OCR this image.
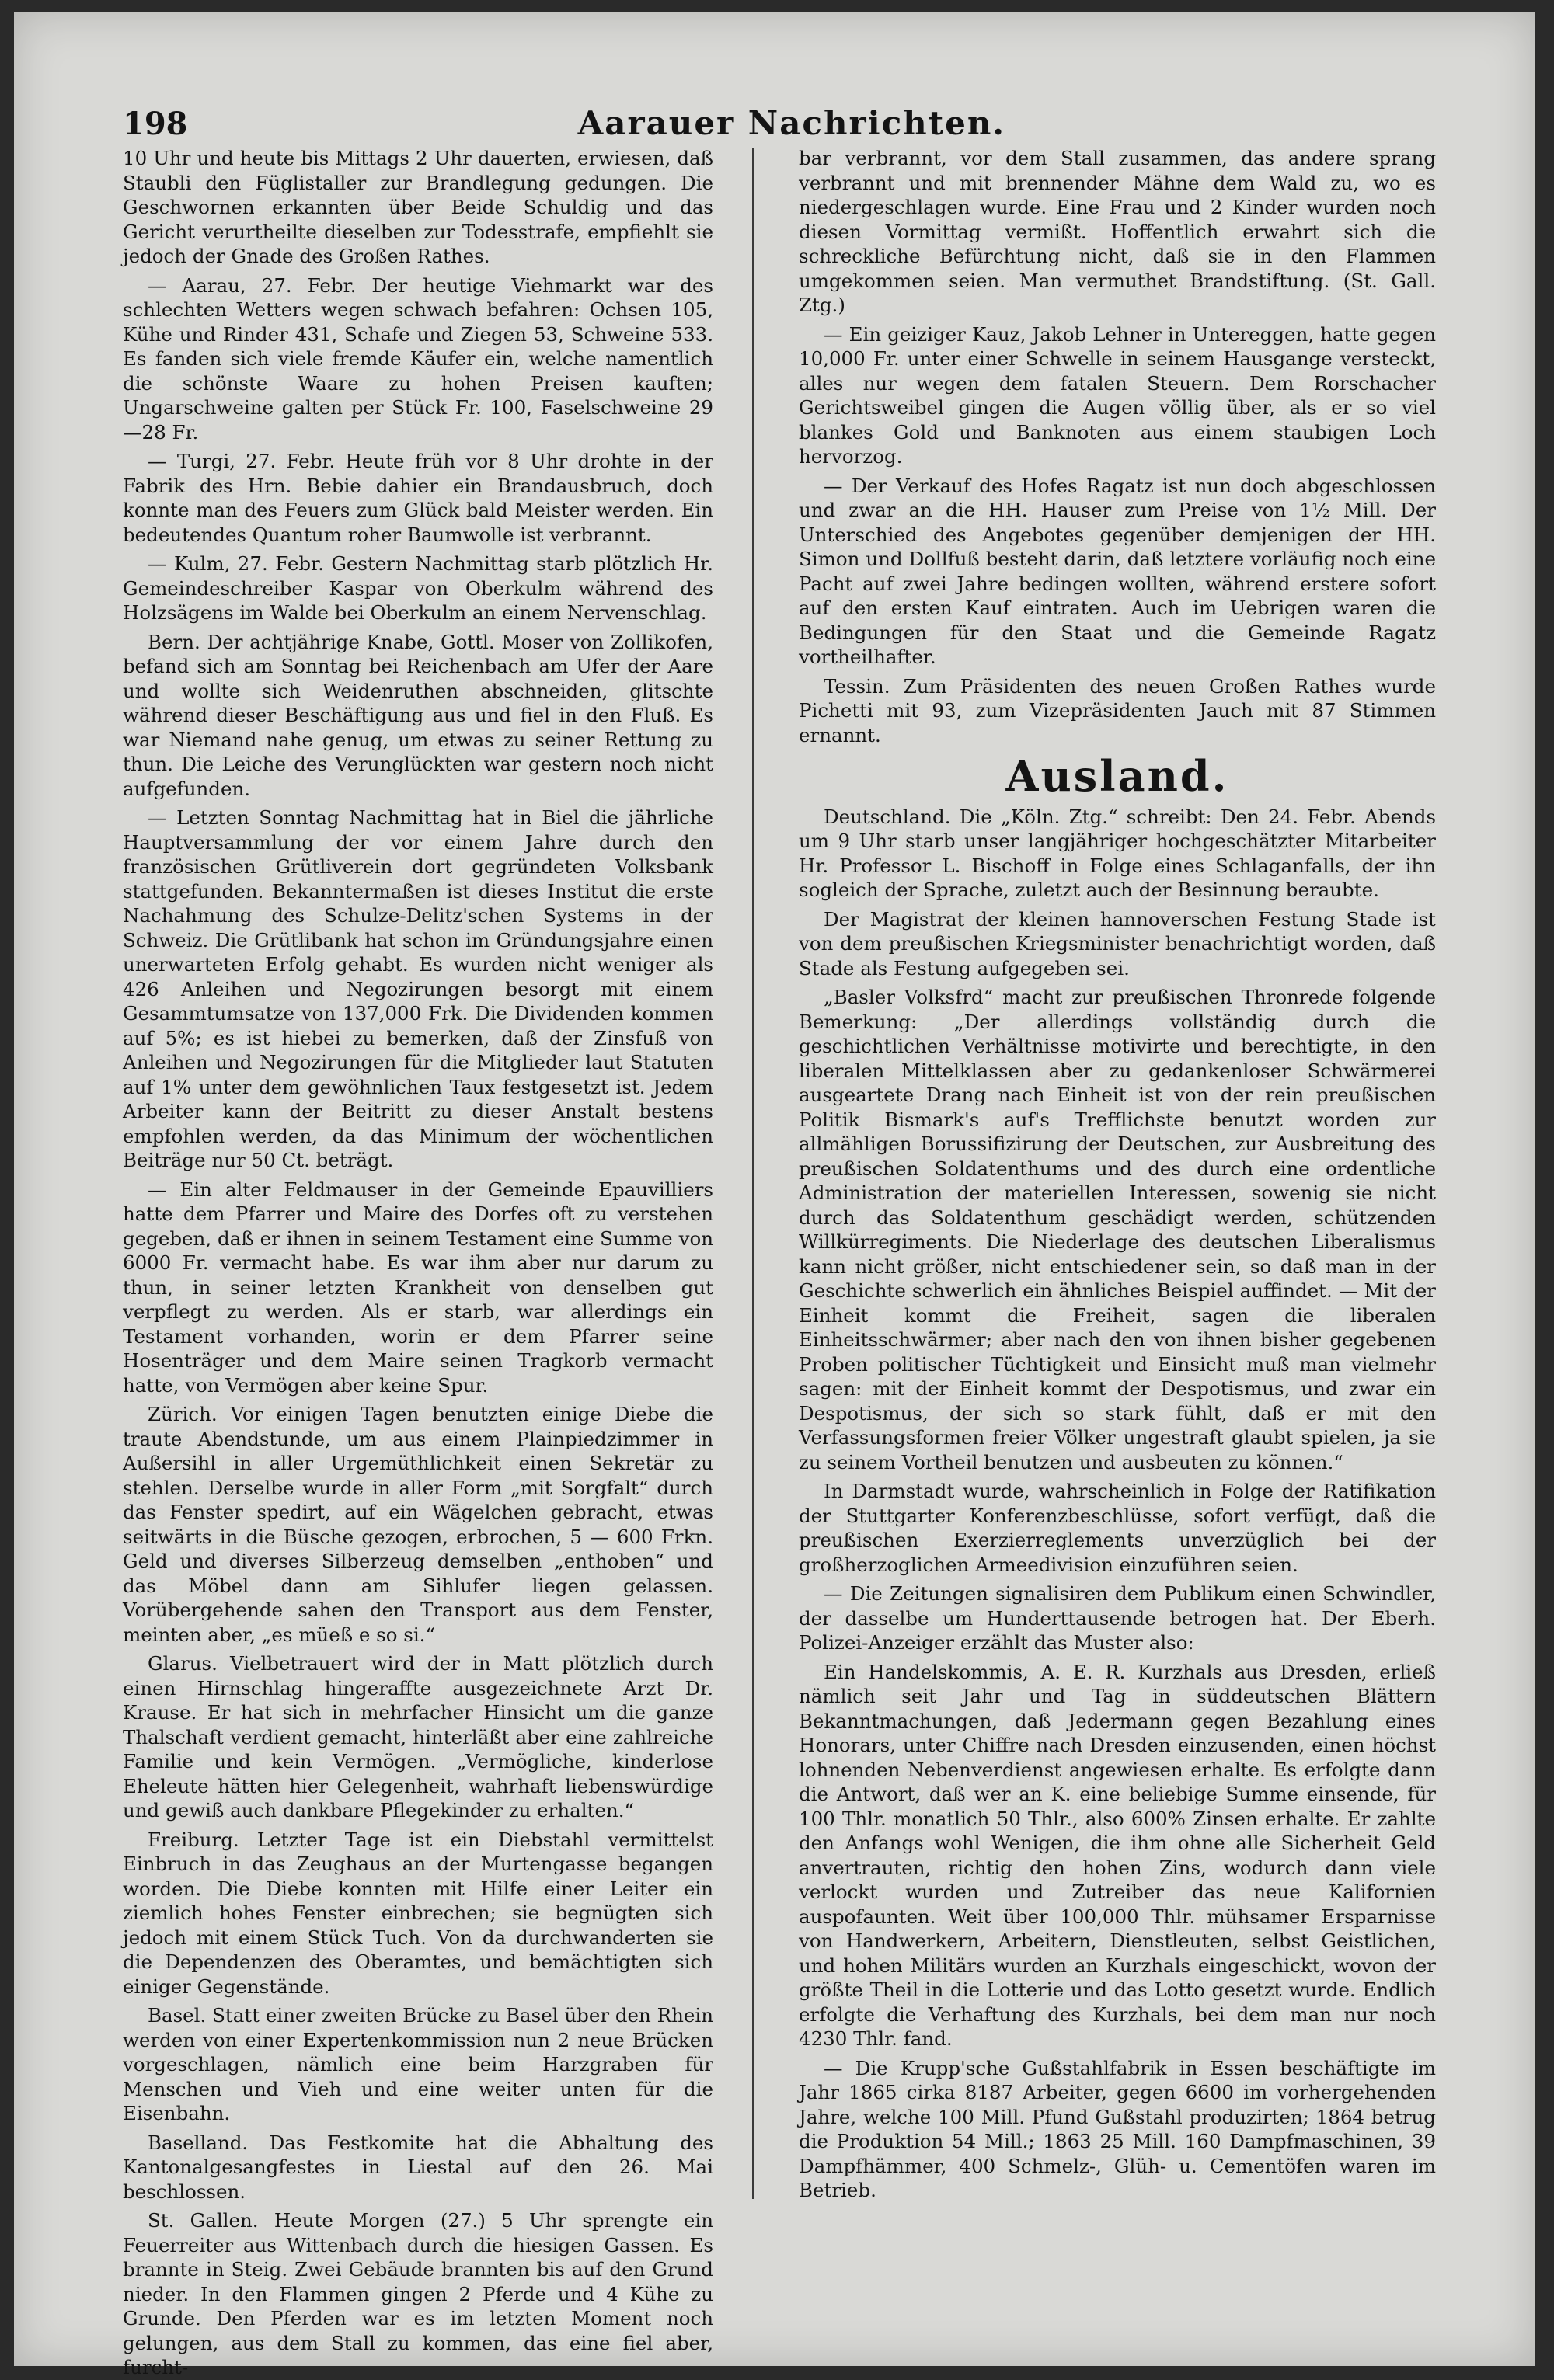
198	Aarauer Nachrichten.

10 Uhr und heute bis Mittags 2 Uhr dauerten, erwiesen, daß Staubli den Füglistaller zur Brandlegung gedungen. Die Geschwornen erkannten über Beide Schuldig und das Gericht verurtheilte dieselben zur Todesstrafe, empfiehlt sie jedoch der Gnade des Großen Rathes.

— Aarau, 27. Febr. Der heutige Viehmarkt war des schlechten Wetters wegen schwach befahren: Ochsen 105, Kühe und Rinder 431, Schafe und Ziegen 53, Schweine 533. Es fanden sich viele fremde Käufer ein, welche namentlich die schönste Waare zu hohen Preisen kauften; Ungarschweine galten per Stück Fr. 100, Faselschweine 29—28 Fr.

— Turgi, 27. Febr. Heute früh vor 8 Uhr drohte in der Fabrik des Hrn. Bebie dahier ein Brandausbruch, doch konnte man des Feuers zum Glück bald Meister werden. Ein bedeutendes Quantum roher Baumwolle ist verbrannt.

— Kulm, 27. Febr. Gestern Nachmittag starb plötzlich Hr. Gemeindeschreiber Kaspar von Oberkulm während des Holzsägens im Walde bei Oberkulm an einem Nervenschlag.

Bern. Der achtjährige Knabe, Gottl. Moser von Zollikofen, befand sich am Sonntag bei Reichenbach am Ufer der Aare und wollte sich Weidenruthen abschneiden, glitschte während dieser Beschäftigung aus und fiel in den Fluß. Es war Niemand nahe genug, um etwas zu seiner Rettung zu thun. Die Leiche des Verunglückten war gestern noch nicht aufgefunden.

— Letzten Sonntag Nachmittag hat in Biel die jährliche Hauptversammlung der vor einem Jahre durch den französischen Grütliverein dort gegründeten Volksbank stattgefunden. Bekanntermaßen ist dieses Institut die erste Nachahmung des Schulze-Delitz'schen Systems in der Schweiz. Die Grütlibank hat schon im Gründungsjahre einen unerwarteten Erfolg gehabt. Es wurden nicht weniger als 426 Anleihen und Negozirungen besorgt mit einem Gesammtumsatze von 137,000 Frk. Die Dividenden kommen auf 5%; es ist hiebei zu bemerken, daß der Zinsfuß von Anleihen und Negozirungen für die Mitglieder laut Statuten auf 1% unter dem gewöhnlichen Taux festgesetzt ist. Jedem Arbeiter kann der Beitritt zu dieser Anstalt bestens empfohlen werden, da das Minimum der wöchentlichen Beiträge nur 50 Ct. beträgt.

— Ein alter Feldmauser in der Gemeinde Epauvilliers hatte dem Pfarrer und Maire des Dorfes oft zu verstehen gegeben, daß er ihnen in seinem Testament eine Summe von 6000 Fr. vermacht habe. Es war ihm aber nur darum zu thun, in seiner letzten Krankheit von denselben gut verpflegt zu werden. Als er starb, war allerdings ein Testament vorhanden, worin er dem Pfarrer seine Hosenträger und dem Maire seinen Tragkorb vermacht hatte, von Vermögen aber keine Spur.

Zürich. Vor einigen Tagen benutzten einige Diebe die traute Abendstunde, um aus einem Plainpiedzimmer in Außersihl in aller Urgemüthlichkeit einen Sekretär zu stehlen. Derselbe wurde in aller Form „mit Sorgfalt“ durch das Fenster spedirt, auf ein Wägelchen gebracht, etwas seitwärts in die Büsche gezogen, erbrochen, 5 — 600 Frkn. Geld und diverses Silberzeug demselben „enthoben“ und das Möbel dann am Sihlufer liegen gelassen. Vorübergehende sahen den Transport aus dem Fenster, meinten aber, „es müeß e so si.“

Glarus. Vielbetrauert wird der in Matt plötzlich durch einen Hirnschlag hingeraffte ausgezeichnete Arzt Dr. Krause. Er hat sich in mehrfacher Hinsicht um die ganze Thalschaft verdient gemacht, hinterläßt aber eine zahlreiche Familie und kein Vermögen. „Vermögliche, kinderlose Eheleute hätten hier Gelegenheit, wahrhaft liebenswürdige und gewiß auch dankbare Pflegekinder zu erhalten.“

Freiburg. Letzter Tage ist ein Diebstahl vermittelst Einbruch in das Zeughaus an der Murtengasse begangen worden. Die Diebe konnten mit Hilfe einer Leiter ein ziemlich hohes Fenster einbrechen; sie begnügten sich jedoch mit einem Stück Tuch. Von da durchwanderten sie die Dependenzen des Oberamtes, und bemächtigten sich einiger Gegenstände.

Basel. Statt einer zweiten Brücke zu Basel über den Rhein werden von einer Expertenkommission nun 2 neue Brücken vorgeschlagen, nämlich eine beim Harzgraben für Menschen und Vieh und eine weiter unten für die Eisenbahn.

Baselland. Das Festkomite hat die Abhaltung des Kantonalgesangfestes in Liestal auf den 26. Mai beschlossen.

St. Gallen. Heute Morgen (27.) 5 Uhr sprengte ein Feuerreiter aus Wittenbach durch die hiesigen Gassen. Es brannte in Steig. Zwei Gebäude brannten bis auf den Grund nieder. In den Flammen gingen 2 Pferde und 4 Kühe zu Grunde. Den Pferden war es im letzten Moment noch gelungen, aus dem Stall zu kommen, das eine fiel aber, furcht-

bar verbrannt, vor dem Stall zusammen, das andere sprang verbrannt und mit brennender Mähne dem Wald zu, wo es niedergeschlagen wurde. Eine Frau und 2 Kinder wurden noch diesen Vormittag vermißt. Hoffentlich erwahrt sich die schreckliche Befürchtung nicht, daß sie in den Flammen umgekommen seien. Man vermuthet Brandstiftung. (St. Gall. Ztg.)

— Ein geiziger Kauz, Jakob Lehner in Untereggen, hatte gegen 10,000 Fr. unter einer Schwelle in seinem Hausgange versteckt, alles nur wegen dem fatalen Steuern. Dem Rorschacher Gerichtsweibel gingen die Augen völlig über, als er so viel blankes Gold und Banknoten aus einem staubigen Loch hervorzog.

— Der Verkauf des Hofes Ragatz ist nun doch abgeschlossen und zwar an die HH. Hauser zum Preise von 1½ Mill. Der Unterschied des Angebotes gegenüber demjenigen der HH. Simon und Dollfuß besteht darin, daß letztere vorläufig noch eine Pacht auf zwei Jahre bedingen wollten, während erstere sofort auf den ersten Kauf eintraten. Auch im Uebrigen waren die Bedingungen für den Staat und die Gemeinde Ragatz vortheilhafter.

Tessin. Zum Präsidenten des neuen Großen Rathes wurde Pichetti mit 93, zum Vizepräsidenten Jauch mit 87 Stimmen ernannt.

Ausland.

Deutschland. Die „Köln. Ztg.“ schreibt: Den 24. Febr. Abends um 9 Uhr starb unser langjähriger hochgeschätzter Mitarbeiter Hr. Professor L. Bischoff in Folge eines Schlaganfalls, der ihn sogleich der Sprache, zuletzt auch der Besinnung beraubte.

Der Magistrat der kleinen hannoverschen Festung Stade ist von dem preußischen Kriegsminister benachrichtigt worden, daß Stade als Festung aufgegeben sei.

„Basler Volksfrd“ macht zur preußischen Thronrede folgende Bemerkung: „Der allerdings vollständig durch die geschichtlichen Verhältnisse motivirte und berechtigte, in den liberalen Mittelklassen aber zu gedankenloser Schwärmerei ausgeartete Drang nach Einheit ist von der rein preußischen Politik Bismark's auf's Trefflichste benutzt worden zur allmähligen Borussifizirung der Deutschen, zur Ausbreitung des preußischen Soldatenthums und des durch eine ordentliche Administration der materiellen Interessen, sowenig sie nicht durch das Soldatenthum geschädigt werden, schützenden Willkürregiments. Die Niederlage des deutschen Liberalismus kann nicht größer, nicht entschiedener sein, so daß man in der Geschichte schwerlich ein ähnliches Beispiel auffindet. — Mit der Einheit kommt die Freiheit, sagen die liberalen Einheitsschwärmer; aber nach den von ihnen bisher gegebenen Proben politischer Tüchtigkeit und Einsicht muß man vielmehr sagen: mit der Einheit kommt der Despotismus, und zwar ein Despotismus, der sich so stark fühlt, daß er mit den Verfassungsformen freier Völker ungestraft glaubt spielen, ja sie zu seinem Vortheil benutzen und ausbeuten zu können.“

In Darmstadt wurde, wahrscheinlich in Folge der Ratifikation der Stuttgarter Konferenzbeschlüsse, sofort verfügt, daß die preußischen Exerzierreglements unverzüglich bei der großherzoglichen Armeedivision einzuführen seien.

— Die Zeitungen signalisiren dem Publikum einen Schwindler, der dasselbe um Hunderttausende betrogen hat. Der Eberh. Polizei-Anzeiger erzählt das Muster also:

Ein Handelskommis, A. E. R. Kurzhals aus Dresden, erließ nämlich seit Jahr und Tag in süddeutschen Blättern Bekanntmachungen, daß Jedermann gegen Bezahlung eines Honorars, unter Chiffre nach Dresden einzusenden, einen höchst lohnenden Nebenverdienst angewiesen erhalte. Es erfolgte dann die Antwort, daß wer an K. eine beliebige Summe einsende, für 100 Thlr. monatlich 50 Thlr., also 600% Zinsen erhalte. Er zahlte den Anfangs wohl Wenigen, die ihm ohne alle Sicherheit Geld anvertrauten, richtig den hohen Zins, wodurch dann viele verlockt wurden und Zutreiber das neue Kalifornien auspofaunten. Weit über 100,000 Thlr. mühsamer Ersparnisse von Handwerkern, Arbeitern, Dienstleuten, selbst Geistlichen, und hohen Militärs wurden an Kurzhals eingeschickt, wovon der größte Theil in die Lotterie und das Lotto gesetzt wurde. Endlich erfolgte die Verhaftung des Kurzhals, bei dem man nur noch 4230 Thlr. fand.

— Die Krupp'sche Gußstahlfabrik in Essen beschäftigte im Jahr 1865 cirka 8187 Arbeiter, gegen 6600 im vorhergehenden Jahre, welche 100 Mill. Pfund Gußstahl produzirten; 1864 betrug die Produktion 54 Mill.; 1863 25 Mill. 160 Dampfmaschinen, 39 Dampfhämmer, 400 Schmelz-, Glüh- u. Cementöfen waren im Betrieb.
